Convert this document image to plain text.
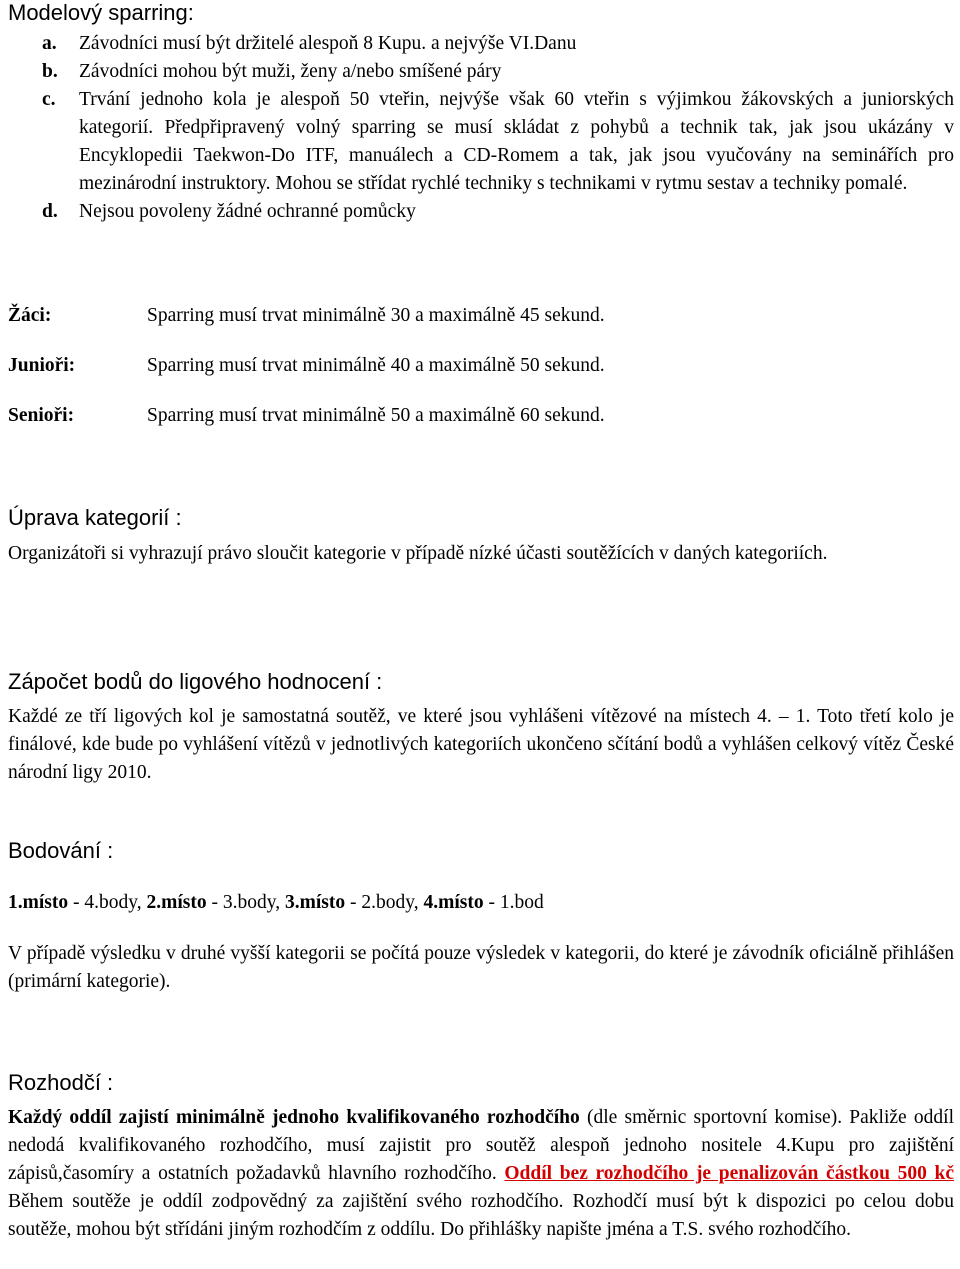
Modelový sparring:
a. Závodníci musí být držitelé alespoň 8 Kupu. a nejvýše VI.Danu
b. Závodníci mohou být muži, ženy a/nebo smíšené páry
c. Trvání jednoho kola je alespoň 50 vteřin, nejvýše však 60 vteřin s výjimkou žákovských a juniorských kategorií. Předpřipravený volný sparring se musí skládat z pohybů a technik tak, jak jsou ukázány v Encyklopedii Taekwon-Do ITF, manuálech a CD-Romem a tak, jak jsou vyučovány na seminářích pro mezinárodní instruktory. Mohou se střídat rychlé techniky s technikami v rytmu sestav a techniky pomalé.
d. Nejsou povoleny žádné ochranné pomůcky
Žáci:	Sparring musí trvat minimálně 30 a maximálně 45 sekund.
Junioři:	Sparring musí trvat minimálně 40 a maximálně 50 sekund.
Senioři:	Sparring musí trvat minimálně 50 a maximálně 60 sekund.
Úprava kategorií :

Organizátoři si vyhrazují právo sloučit kategorie v případě nízké účasti soutěžících v daných kategoriích.

Zápočet bodů do ligového hodnocení :

Každé ze tří ligových kol je samostatná soutěž, ve které jsou vyhlášeni vítězové na místech 4. – 1. Toto třetí kolo je finálové, kde bude po vyhlášení vítězů v jednotlivých kategoriích ukončeno sčítání bodů a vyhlášen celkový vítěz České národní ligy 2010.

Bodování :
1.místo - 4.body, 2.místo - 3.body, 3.místo - 2.body, 4.místo - 1.bod

V případě výsledku v druhé vyšší kategorii se počítá pouze výsledek v kategorii, do které je závodník oficiálně přihlášen (primární kategorie).

Rozhodčí :

Každý oddíl zajistí minimálně jednoho kvalifikovaného rozhodčího (dle směrnic sportovní komise). Pakliže oddíl nedodá kvalifikovaného rozhodčího, musí zajistit pro soutěž alespoň jednoho nositele 4.Kupu pro zajištění zápisů,časomíry a ostatních požadavků hlavního rozhodčího. Oddíl bez rozhodčího je penalizován částkou 500 kč Během soutěže je oddíl zodpovědný za zajištění svého rozhodčího. Rozhodčí musí být k dispozici po celou dobu soutěže, mohou být střídáni jiným rozhodčím z oddílu. Do přihlášky napište jména a T.S. svého rozhodčího.
